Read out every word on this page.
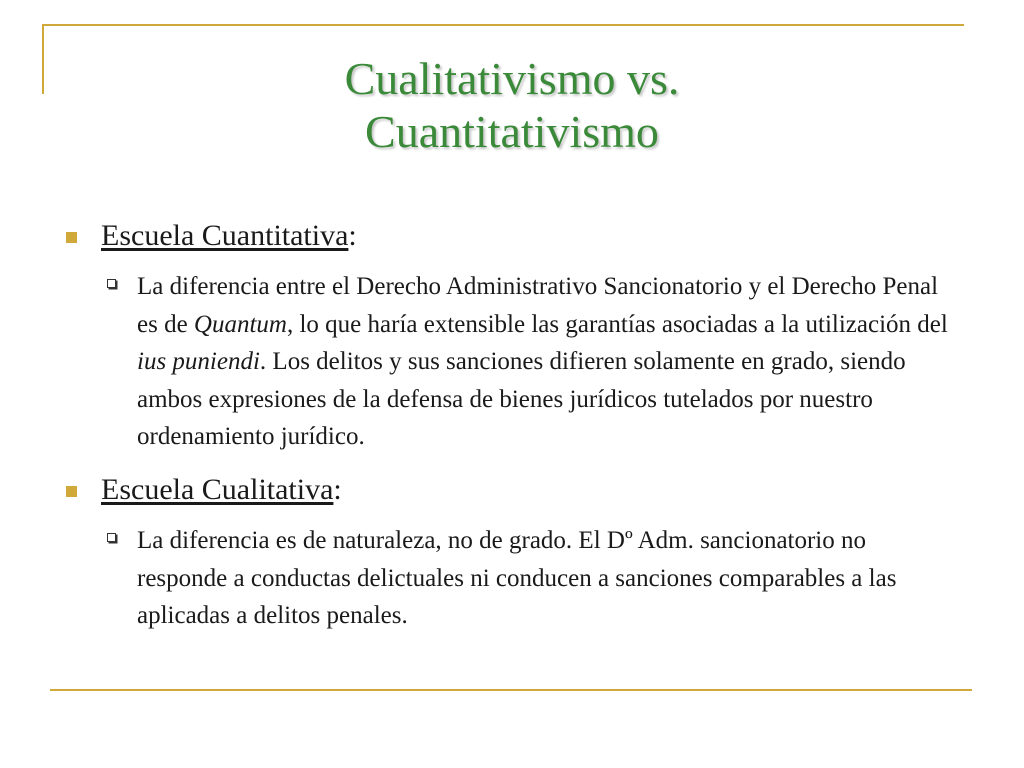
Cualitativismo vs.
Cuantitativismo
Escuela Cuantitativa:

La diferencia entre el Derecho Administrativo Sancionatorio y el Derecho Penal es de Quantum, lo que haría extensible las garantías asociadas a la utilización del ius puniendi. Los delitos y sus sanciones difieren solamente en grado, siendo ambos expresiones de la defensa de bienes jurídicos tutelados por nuestro ordenamiento jurídico.

Escuela Cualitativa:

La diferencia es de naturaleza, no de grado. El Dº Adm. sancionatorio no responde a conductas delictuales ni conducen a sanciones comparables a las aplicadas a delitos penales.
